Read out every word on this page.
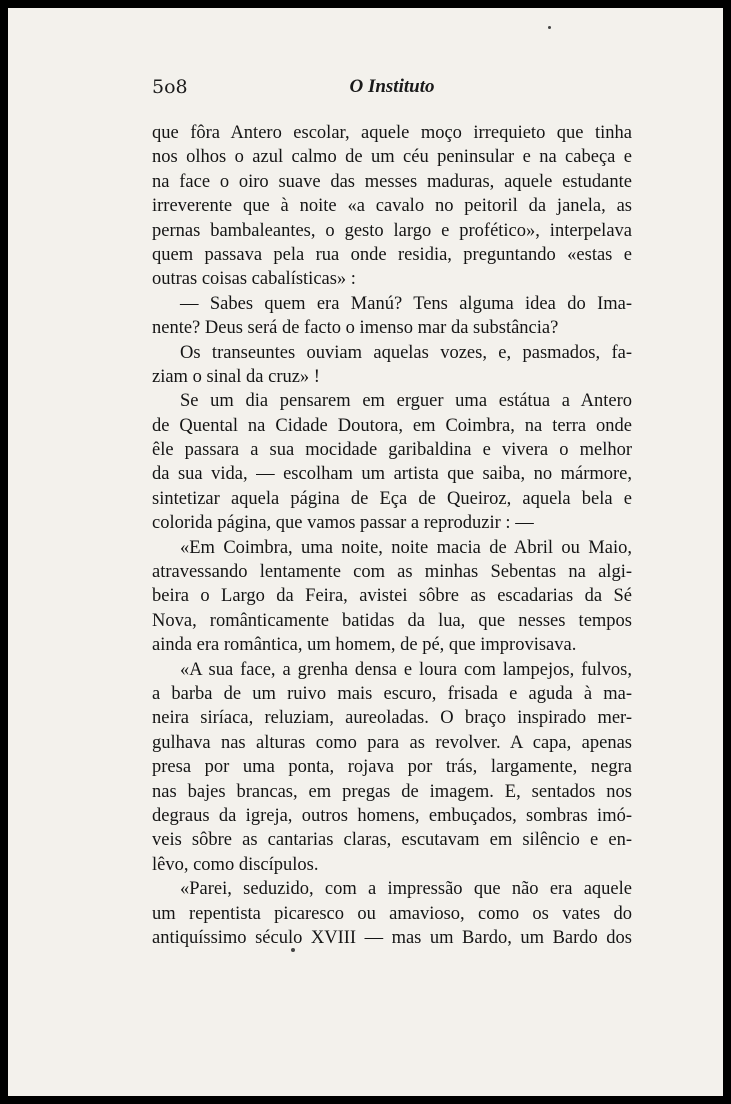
5o8	O Instituto
que fôra Antero escolar, aquele moço irrequieto que tinha
nos olhos o azul calmo de um céu peninsular e na cabeça e
na face o oiro suave das messes maduras, aquele estudante
irreverente que à noite «a cavalo no peitoril da janela, as
pernas bambaleantes, o gesto largo e profético», interpelava
quem passava pela rua onde residia, preguntando «estas e
outras coisas cabalísticas» :
— Sabes quem era Manú? Tens alguma idea do Ima-
nente? Deus será de facto o imenso mar da substância?
Os transeuntes ouviam aquelas vozes, e, pasmados, fa-
ziam o sinal da cruz» !
Se um dia pensarem em erguer uma estátua a Antero
de Quental na Cidade Doutora, em Coimbra, na terra onde
êle passara a sua mocidade garibaldina e vivera o melhor
da sua vida, — escolham um artista que saiba, no mármore,
sintetizar aquela página de Eça de Queiroz, aquela bela e
colorida página, que vamos passar a reproduzir : —
«Em Coimbra, uma noite, noite macia de Abril ou Maio,
atravessando lentamente com as minhas Sebentas na algi-
beira o Largo da Feira, avistei sôbre as escadarias da Sé
Nova, românticamente batidas da lua, que nesses tempos
ainda era romântica, um homem, de pé, que improvisava.
«A sua face, a grenha densa e loura com lampejos, fulvos,
a barba de um ruivo mais escuro, frisada e aguda à ma-
neira siríaca, reluziam, aureoladas. O braço inspirado mer-
gulhava nas alturas como para as revolver. A capa, apenas
presa por uma ponta, rojava por trás, largamente, negra
nas bajes brancas, em pregas de imagem. E, sentados nos
degraus da igreja, outros homens, embuçados, sombras imó-
veis sôbre as cantarias claras, escutavam em silêncio e en-
lêvo, como discípulos.
«Parei, seduzido, com a impressão que não era aquele
um repentista picaresco ou amavioso, como os vates do
antiquíssimo século XVIII — mas um Bardo, um Bardo dos
